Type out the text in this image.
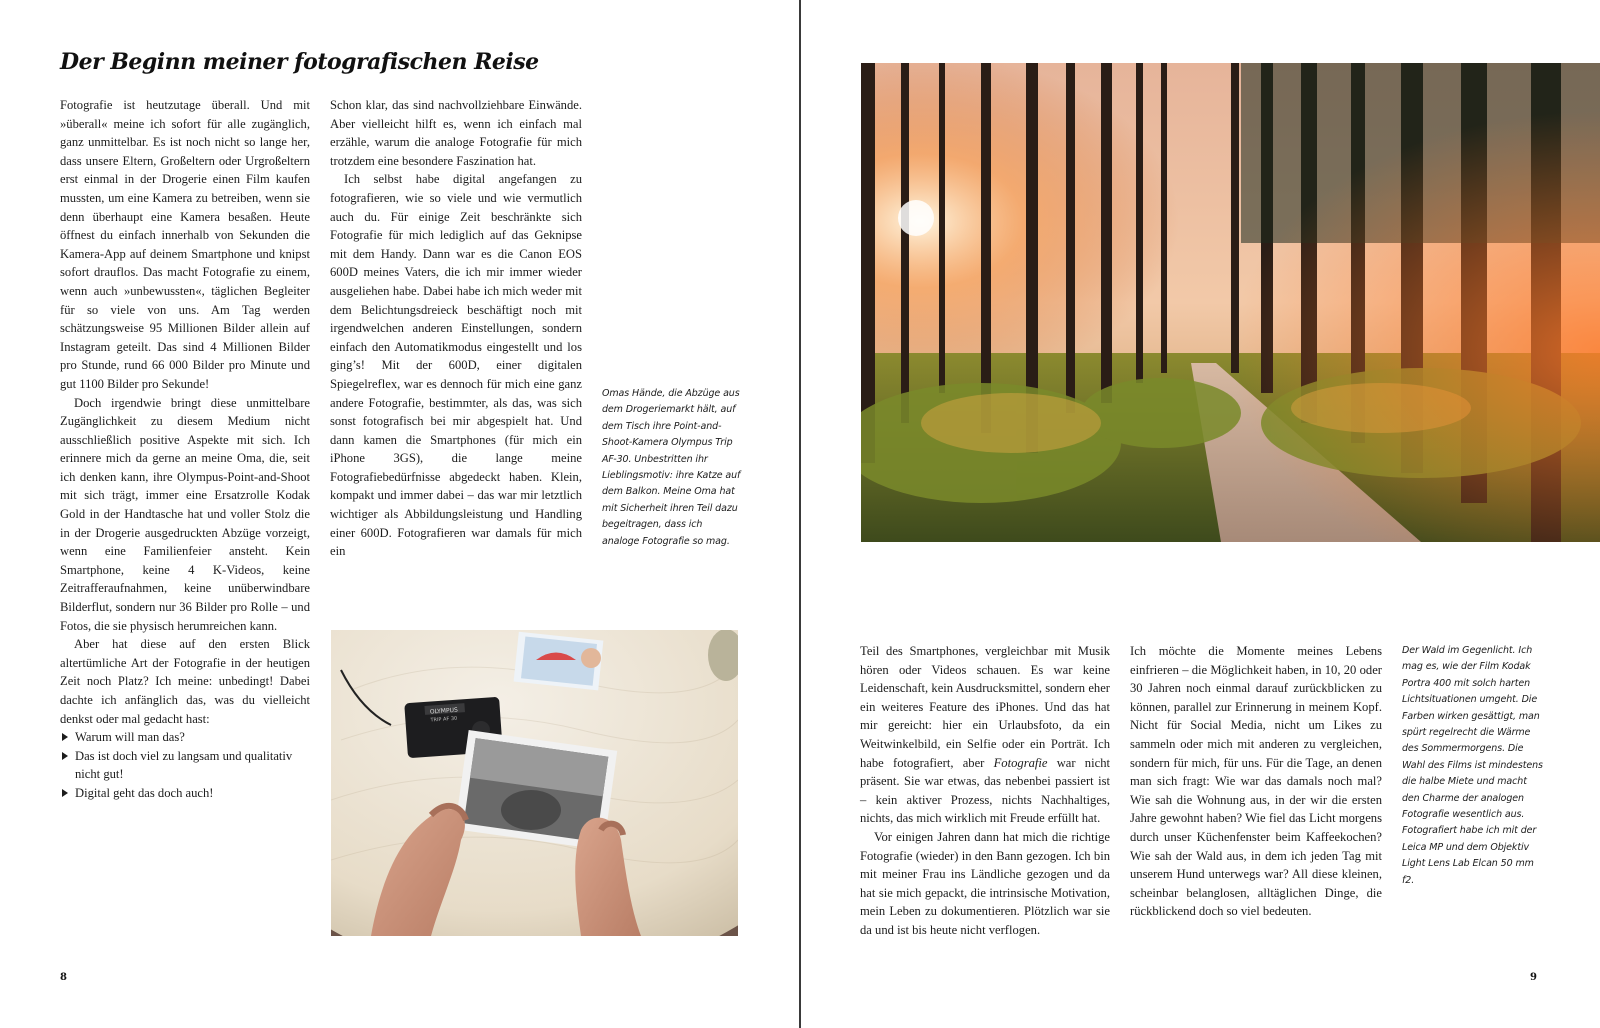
Der Beginn meiner fotografischen Reise

Fotografie ist heutzutage überall. Und mit »überall« meine ich sofort für alle zugänglich, ganz unmittelbar. Es ist noch nicht so lange her, dass unsere Eltern, Großeltern oder Urgroßeltern erst einmal in der Drogerie einen Film kaufen mussten, um eine Kamera zu betreiben, wenn sie denn überhaupt eine Kamera besaßen. Heute öffnest du einfach innerhalb von Sekunden die Kamera-App auf deinem Smartphone und knipst sofort drauflos. Das macht Fotografie zu einem, wenn auch »unbewussten«, täglichen Begleiter für so viele von uns. Am Tag werden schätzungsweise 95 Millionen Bilder allein auf Instagram geteilt. Das sind 4 Millionen Bilder pro Stunde, rund 66 000 Bilder pro Minute und gut 1100 Bilder pro Sekunde!

Doch irgendwie bringt diese unmittelbare Zugänglichkeit zu diesem Medium nicht ausschließlich positive Aspekte mit sich. Ich erinnere mich da gerne an meine Oma, die, seit ich denken kann, ihre Olympus-Point-and-Shoot mit sich trägt, immer eine Ersatzrolle Kodak Gold in der Handtasche hat und voller Stolz die in der Drogerie ausgedruckten Abzüge vorzeigt, wenn eine Familienfeier ansteht. Kein Smartphone, keine 4 K-Videos, keine Zeitrafferaufnahmen, keine unüberwindbare Bilderflut, sondern nur 36 Bilder pro Rolle – und Fotos, die sie physisch herumreichen kann.

Aber hat diese auf den ersten Blick altertümliche Art der Fotografie in der heutigen Zeit noch Platz? Ich meine: unbedingt! Dabei dachte ich anfänglich das, was du vielleicht denkst oder mal gedacht hast:

Warum will man das?
Das ist doch viel zu langsam und qualitativ nicht gut!
Digital geht das doch auch!

Schon klar, das sind nachvollziehbare Einwände. Aber vielleicht hilft es, wenn ich einfach mal erzähle, warum die analoge Fotografie für mich trotzdem eine besondere Faszination hat.

Ich selbst habe digital angefangen zu fotografieren, wie so viele und wie vermutlich auch du. Für einige Zeit beschränkte sich Fotografie für mich lediglich auf das Geknipse mit dem Handy. Dann war es die Canon EOS 600D meines Vaters, die ich mir immer wieder ausgeliehen habe. Dabei habe ich mich weder mit dem Belichtungsdreieck beschäftigt noch mit irgendwelchen anderen Einstellungen, sondern einfach den Automatikmodus eingestellt und los ging’s! Mit der 600D, einer digitalen Spiegelreflex, war es dennoch für mich eine ganz andere Fotografie, bestimmter, als das, was sich sonst fotografisch bei mir abgespielt hat. Und dann kamen die Smartphones (für mich ein iPhone 3GS), die lange meine Fotografiebedürfnisse abgedeckt haben. Klein, kompakt und immer dabei – das war mir letztlich wichtiger als Abbildungsleistung und Handling einer 600D. Fotografieren war damals für mich ein

Omas Hände, die Abzüge aus dem Drogeriemarkt hält, auf dem Tisch ihre Point-and-Shoot-Kamera Olympus Trip AF-30. Unbestritten ihr Lieblingsmotiv: ihre Katze auf dem Balkon. Meine Oma hat mit Sicherheit ihren Teil dazu begeitragen, dass ich analoge Fotografie so mag.
OLYMPUS
TRIP AF 30

Teil des Smartphones, vergleichbar mit Musik hören oder Videos schauen. Es war keine Leidenschaft, kein Ausdrucksmittel, sondern eher ein weiteres Feature des iPhones. Und das hat mir gereicht: hier ein Urlaubsfoto, da ein Weitwinkelbild, ein Selfie oder ein Porträt. Ich habe fotografiert, aber Fotografie war nicht präsent. Sie war etwas, das nebenbei passiert ist – kein aktiver Prozess, nichts Nachhaltiges, nichts, das mich wirklich mit Freude erfüllt hat.

Vor einigen Jahren dann hat mich die richtige Fotografie (wieder) in den Bann gezogen. Ich bin mit meiner Frau ins Ländliche gezogen und da hat sie mich gepackt, die intrinsische Motivation, mein Leben zu dokumentieren. Plötzlich war sie da und ist bis heute nicht verflogen.

Ich möchte die Momente meines Lebens einfrieren – die Möglichkeit haben, in 10, 20 oder 30 Jahren noch einmal darauf zurückblicken zu können, parallel zur Erinnerung in meinem Kopf. Nicht für Social Media, nicht um Likes zu sammeln oder mich mit anderen zu vergleichen, sondern für mich, für uns. Für die Tage, an denen man sich fragt: Wie war das damals noch mal? Wie sah die Wohnung aus, in der wir die ersten Jahre gewohnt haben? Wie fiel das Licht morgens durch unser Küchenfenster beim Kaffeekochen? Wie sah der Wald aus, in dem ich jeden Tag mit unserem Hund unterwegs war? All diese kleinen, scheinbar belanglosen, alltäglichen Dinge, die rückblickend doch so viel bedeuten.

Der Wald im Gegenlicht. Ich mag es, wie der Film Kodak Portra 400 mit solch harten Lichtsituationen umgeht. Die Farben wirken gesättigt, man spürt regelrecht die Wärme des Sommermorgens. Die Wahl des Films ist mindestens die halbe Miete und macht den Charme der analogen Fotografie wesentlich aus. Fotografiert habe ich mit der Leica MP und dem Objektiv Light Lens Lab Elcan 50 mm f2.
8	9
